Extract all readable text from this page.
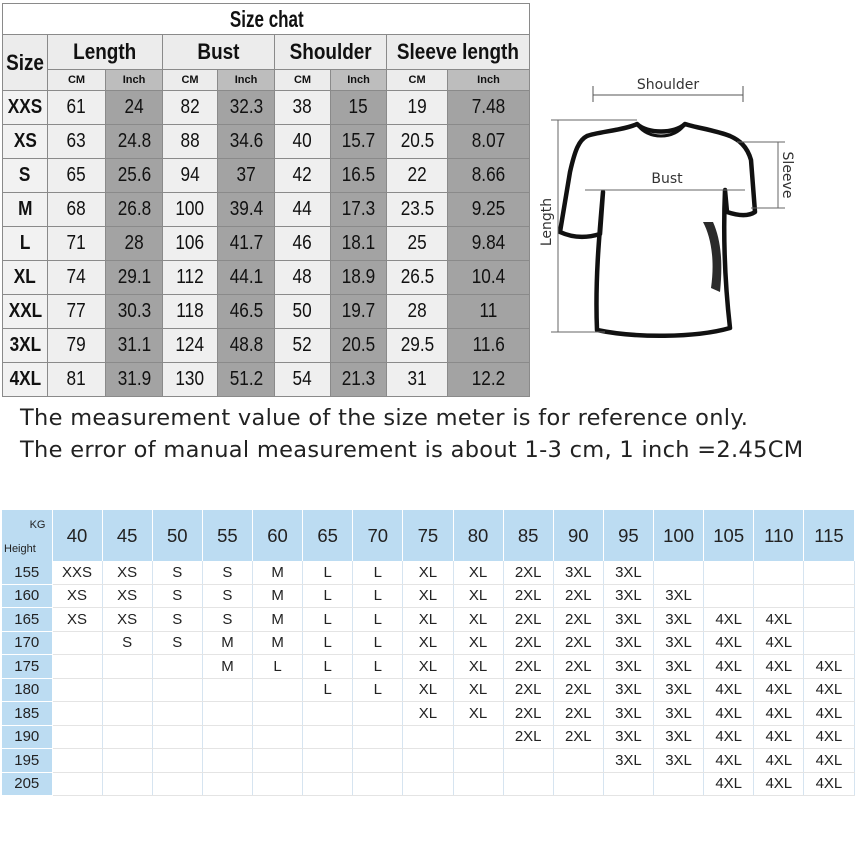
Size chat								
Size	Length		Bust		Shoulder		Sleeve length	
	CM	Inch	CM	Inch	CM	Inch	CM	Inch
XXS	61	24	82	32.3	38	15	19	7.48
XS	63	24.8	88	34.6	40	15.7	20.5	8.07
S	65	25.6	94	37	42	16.5	22	8.66
M	68	26.8	100	39.4	44	17.3	23.5	9.25
L	71	28	106	41.7	46	18.1	25	9.84
XL	74	29.1	112	44.1	48	18.9	26.5	10.4
XXL	77	30.3	118	46.5	50	19.7	28	11
3XL	79	31.1	124	48.8	52	20.5	29.5	11.6
4XL	81	31.9	130	51.2	54	21.3	31	12.2
Shoulder
Bust
Length
Sleeve
The measurement value of the size meter is for reference only.
The error of manual measurement is about 1-3 cm, 1 inch =2.45CM
KG
Height	40	45	50	55	60	65	70	75	80	85	90	95	100	105	110	115
155	XXS	XS	S	S	M	L	L	XL	XL	2XL	3XL	3XL				
160	XS	XS	S	S	M	L	L	XL	XL	2XL	2XL	3XL	3XL			
165	XS	XS	S	S	M	L	L	XL	XL	2XL	2XL	3XL	3XL	4XL	4XL	
170		S	S	M	M	L	L	XL	XL	2XL	2XL	3XL	3XL	4XL	4XL	
175				M	L	L	L	XL	XL	2XL	2XL	3XL	3XL	4XL	4XL	4XL
180						L	L	XL	XL	2XL	2XL	3XL	3XL	4XL	4XL	4XL
185								XL	XL	2XL	2XL	3XL	3XL	4XL	4XL	4XL
190										2XL	2XL	3XL	3XL	4XL	4XL	4XL
195												3XL	3XL	4XL	4XL	4XL
205														4XL	4XL	4XL
